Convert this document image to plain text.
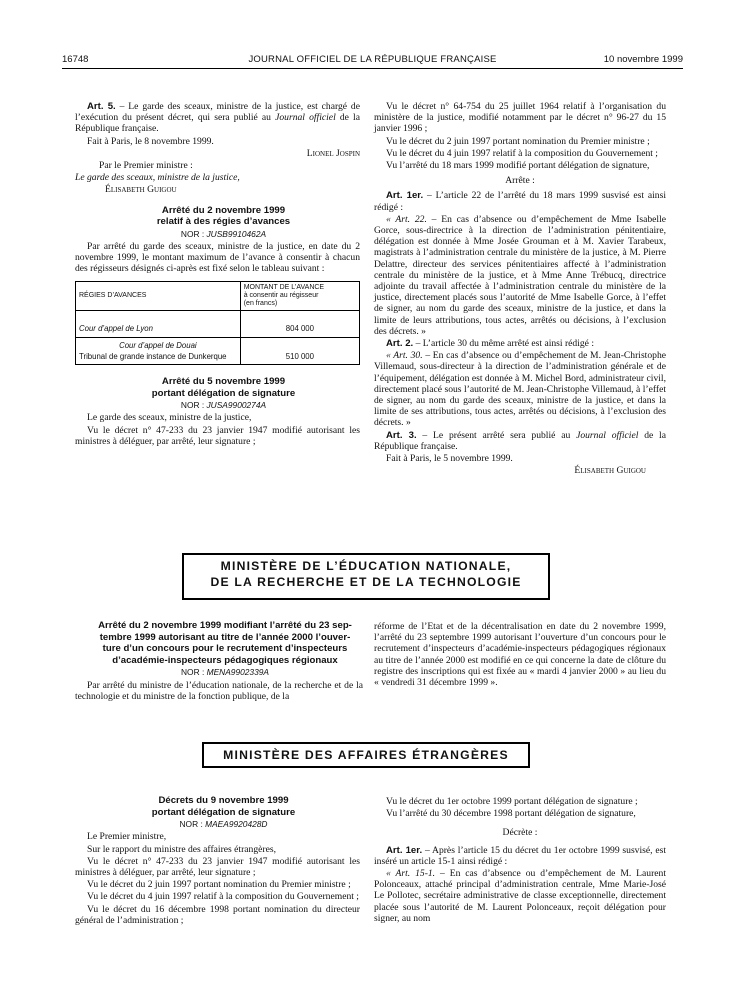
16748	JOURNAL OFFICIEL DE LA RÉPUBLIQUE FRANÇAISE	10 novembre 1999

Art. 5. – Le garde des sceaux, ministre de la justice, est chargé de l’exécution du présent décret, qui sera publié au Journal officiel de la République française.

Fait à Paris, le 8 novembre 1999.

Lionel Jospin

Par le Premier ministre :

Le garde des sceaux, ministre de la justice,

Élisabeth Guigou

Arrêté du 2 novembre 1999

relatif à des régies d’avances

NOR : JUSB9910462A

Par arrêté du garde des sceaux, ministre de la justice, en date du 2 novembre 1999, le montant maximum de l’avance à consentir à chacun des régisseurs désignés ci-après est fixé selon le tableau suivant :

RÉGIES D’AVANCES	MONTANT DE L’AVANCE
à consentir au régisseur
(en francs)

Cour d’appel de Lyon	804 000

Cour d’appel de Douai
Tribunal de grande instance de Dunkerque	510 000

Arrêté du 5 novembre 1999

portant délégation de signature

NOR : JUSA9900274A

Le garde des sceaux, ministre de la justice,

Vu le décret n° 47-233 du 23 janvier 1947 modifié autorisant les ministres à déléguer, par arrêté, leur signature ;

Vu le décret n° 64-754 du 25 juillet 1964 relatif à l’organisation du ministère de la justice, modifié notamment par le décret n° 96-27 du 15 janvier 1996 ;

Vu le décret du 2 juin 1997 portant nomination du Premier ministre ;

Vu le décret du 4 juin 1997 relatif à la composition du Gouvernement ;

Vu l’arrêté du 18 mars 1999 modifié portant délégation de signature,

Arrête :

Art. 1er. – L’article 22 de l’arrêté du 18 mars 1999 susvisé est ainsi rédigé :

« Art. 22. – En cas d’absence ou d’empêchement de Mme Isabelle Gorce, sous-directrice à la direction de l’administration pénitentiaire, délégation est donnée à Mme Josée Grouman et à M. Xavier Tarabeux, magistrats à l’administration centrale du ministère de la justice, à M. Pierre Delattre, directeur des services pénitentiaires affecté à l’administration centrale du ministère de la justice, et à Mme Anne Trébucq, directrice adjointe du travail affectée à l’administration centrale du ministère de la justice, directement placés sous l’autorité de Mme Isabelle Gorce, à l’effet de signer, au nom du garde des sceaux, ministre de la justice, et dans la limite de leurs attributions, tous actes, arrêtés ou décisions, à l’exclusion des décrets. »

Art. 2. – L’article 30 du même arrêté est ainsi rédigé :

« Art. 30. – En cas d’absence ou d’empêchement de M. Jean-Christophe Villemaud, sous-directeur à la direction de l’administration générale et de l’équipement, délégation est donnée à M. Michel Bord, administrateur civil, directement placé sous l’autorité de M. Jean-Christophe Villemaud, à l’effet de signer, au nom du garde des sceaux, ministre de la justice, et dans la limite de ses attributions, tous actes, arrêtés ou décisions, à l’exclusion des décrets. »

Art. 3. – Le présent arrêté sera publié au Journal officiel de la République française.

Fait à Paris, le 5 novembre 1999.

Élisabeth Guigou

MINISTÈRE DE L’ÉDUCATION NATIONALE,
DE LA RECHERCHE ET DE LA TECHNOLOGIE

Arrêté du 2 novembre 1999 modifiant l’arrêté du 23 sep-

tembre 1999 autorisant au titre de l’année 2000 l’ouver-

ture d’un concours pour le recrutement d’inspecteurs

d’académie-inspecteurs pédagogiques régionaux

NOR : MENA9902339A

Par arrêté du ministre de l’éducation nationale, de la recherche et de la technologie et du ministre de la fonction publique, de la

réforme de l’Etat et de la décentralisation en date du 2 novembre 1999, l’arrêté du 23 septembre 1999 autorisant l’ouverture d’un concours pour le recrutement d’inspecteurs d’académie-inspecteurs pédagogiques régionaux au titre de l’année 2000 est modifié en ce qui concerne la date de clôture du registre des inscriptions qui est fixée au « mardi 4 janvier 2000 » au lieu du « vendredi 31 décembre 1999 ».

MINISTÈRE DES AFFAIRES ÉTRANGÈRES

Décrets du 9 novembre 1999

portant délégation de signature

NOR : MAEA9920428D

Le Premier ministre,

Sur le rapport du ministre des affaires étrangères,

Vu le décret n° 47-233 du 23 janvier 1947 modifié autorisant les ministres à déléguer, par arrêté, leur signature ;

Vu le décret du 2 juin 1997 portant nomination du Premier ministre ;

Vu le décret du 4 juin 1997 relatif à la composition du Gouvernement ;

Vu le décret du 16 décembre 1998 portant nomination du directeur général de l’administration ;

Vu le décret du 1er octobre 1999 portant délégation de signature ;

Vu l’arrêté du 30 décembre 1998 portant délégation de signature,

Décrète :

Art. 1er. – Après l’article 15 du décret du 1er octobre 1999 susvisé, est inséré un article 15-1 ainsi rédigé :

« Art. 15-1. – En cas d’absence ou d’empêchement de M. Laurent Polonceaux, attaché principal d’administration centrale, Mme Marie-José Le Pollotec, secrétaire administrative de classe exceptionnelle, directement placée sous l’autorité de M. Laurent Polonceaux, reçoit délégation pour signer, au nom
